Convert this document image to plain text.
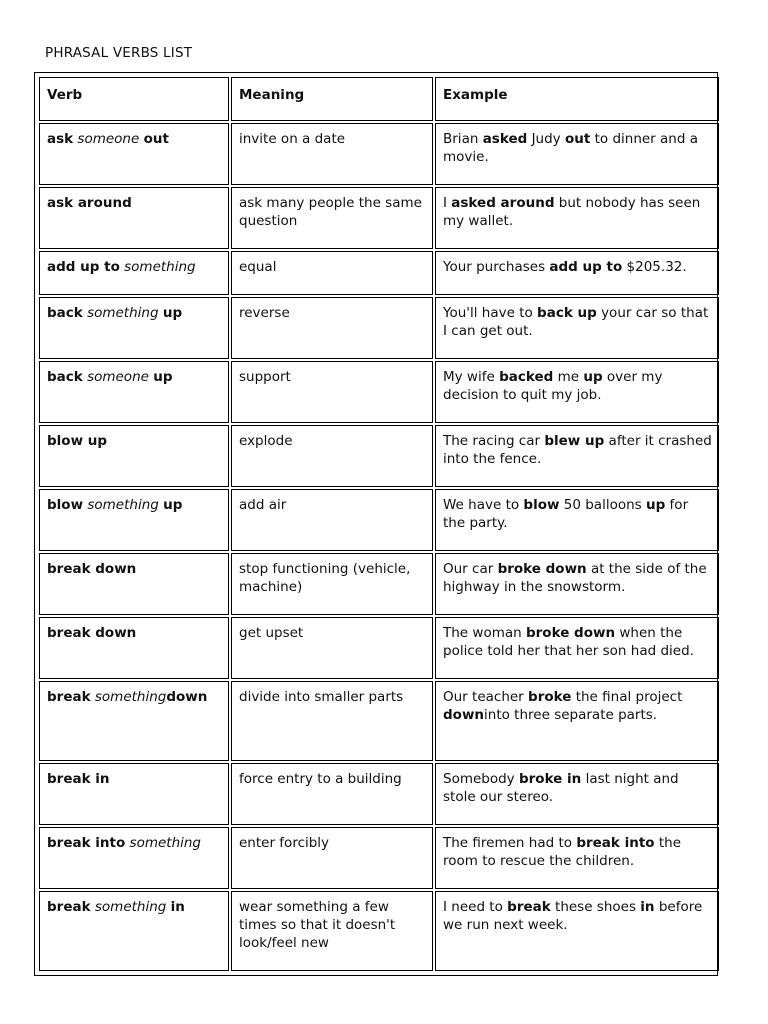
PHRASAL VERBS LIST
Verb	Meaning	Example
ask someone out	invite on a date	Brian asked Judy out to dinner and a movie.
ask around	ask many people the same question	I asked around but nobody has seen my wallet.
add up to something	equal	Your purchases add up to $205.32.
back something up	reverse	You'll have to back up your car so that I can get out.
back someone up	support	My wife backed me up over my decision to quit my job.
blow up	explode	The racing car blew up after it crashed into the fence.
blow something up	add air	We have to blow 50 balloons up for the party.
break down	stop functioning (vehicle, machine)	Our car broke down at the side of the highway in the snowstorm.
break down	get upset	The woman broke down when the police told her that her son had died.
break somethingdown	divide into smaller parts	Our teacher broke the final project downinto three separate parts.
break in	force entry to a building	Somebody broke in last night and stole our stereo.
break into something	enter forcibly	The firemen had to break into the room to rescue the children.
break something in	wear something a few times so that it doesn't look/feel new	I need to break these shoes in before we run next week.
